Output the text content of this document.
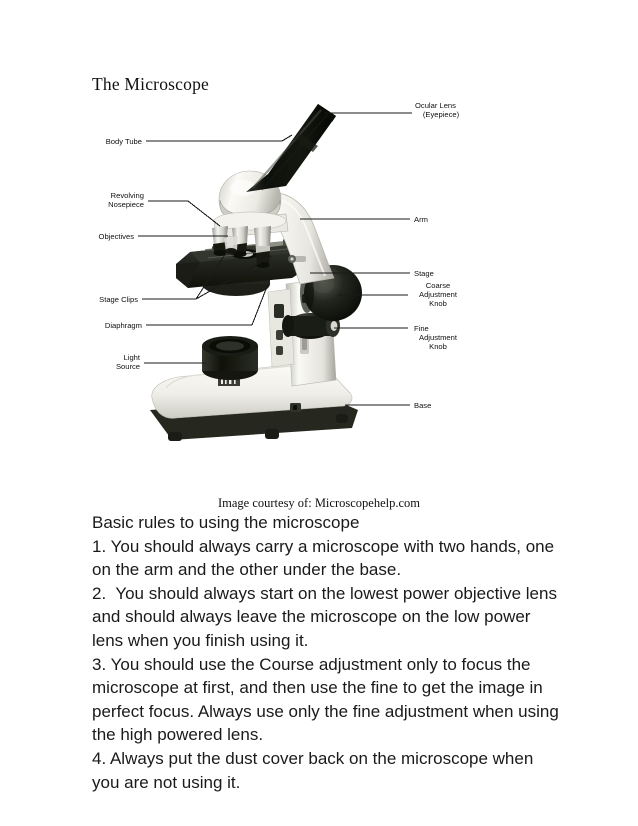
The Microscope
Ocular Lens
(Eyepiece)
Body Tube
Arm
Revolving
Nosepiece
Objectives
Stage
Stage Clips
Coarse
Adjustment
Knob
Diaphragm	Fine
Adjustment
Knob
Light
Source
Base
Image courtesy of: Microscopehelp.com

Basic rules to using the microscope

1. You should always carry a microscope with two hands, one on the arm and the other under the base.

2.  You should always start on the lowest power objective lens and should always leave the microscope on the low power lens when you finish using it.

3. You should use the Course adjustment only to focus the microscope at first, and then use the fine to get the image in perfect focus. Always use only the fine adjustment when using the high powered lens.

4. Always put the dust cover back on the microscope when you are not using it.
